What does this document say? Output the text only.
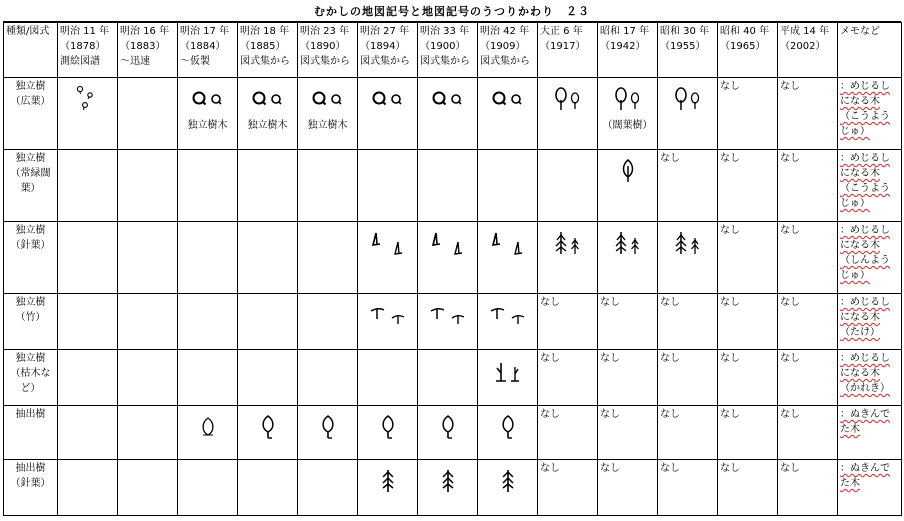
むかしの地図記号と地図記号のうつりかわり　２３
種類/図式	明治 11 年（1878）測絵図譜	明治 16 年（1883）～迅速	明治 17 年（1884）～仮製	明治 18 年（1885）図式集から	明治 23 年（1890）図式集から	明治 27 年（1894）図式集から	明治 33 年（1900）図式集から	明治 42 年（1909）図式集から	大正 6 年（1917）	昭和 17 年（1942）	昭和 30 年（1955）	昭和 40 年（1965）	平成 14 年（2002）	メモなど
独立樹（広葉）			独立樹木	独立樹木	独立樹木					（闊葉樹）		なし	なし	：めじるしになる木（こうようじゅ）
独立樹（常緑闊葉）											なし	なし	なし	：めじるしになる木（こうようじゅ）
独立樹（針葉）												なし	なし	：めじるしになる木（しんようじゅ）
独立樹（竹）									なし	なし	なし	なし	なし	：めじるしになる木（たけ）
独立樹（枯木など）									なし	なし	なし	なし	なし	：めじるしになる木（かれき）
抽出樹									なし	なし	なし	なし	なし	：ぬきんでた木
抽出樹（針葉）									なし	なし	なし	なし	なし	：ぬきんでた木
